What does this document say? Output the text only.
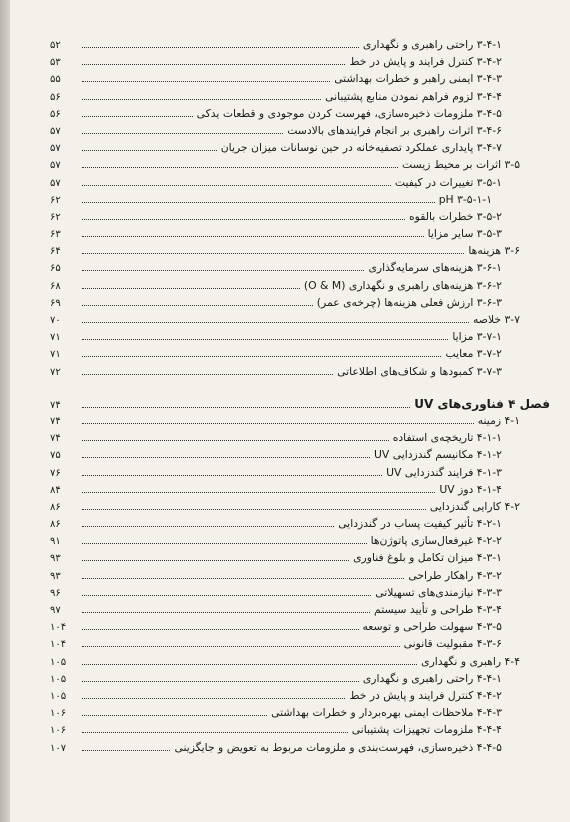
۵۲	۳-۴-۱ راحتی راهبری و نگهداری
۵۳	۳-۴-۲ کنترل فرایند و پایش در خط
۵۵	۳-۴-۳ ایمنی راهبر و خطرات بهداشتی
۵۶	۳-۴-۴ لزوم فراهم نمودن منابع پشتیبانی
۵۶	۳-۴-۵ ملزومات ذخیره‌سازی، فهرست کردن موجودی و قطعات یدکی
۵۷	۳-۴-۶ اثرات راهبری بر انجام فرایندهای بالادست
۵۷	۳-۴-۷ پایداری عملکرد تصفیه‌خانه در حین نوسانات میزان جریان
۵۷	۳-۵ اثرات بر محیط زیست
۵۷	۳-۵-۱ تغییرات در کیفیت
۶۲	۳-۵-۱-۱ pH
۶۲	۳-۵-۲ خطرات بالقوه
۶۳	۳-۵-۳ سایر مزایا
۶۴	۳-۶ هزینه‌ها
۶۵	۳-۶-۱ هزینه‌های سرمایه‌گذاری
۶۸	۳-۶-۲ هزینه‌های راهبری و نگهداری (O & M)
۶۹	۳-۶-۳ ارزش فعلی هزینه‌ها (چرخه‌ی عمر)
۷۰	۳-۷ خلاصه
۷۱	۳-۷-۱ مزایا
۷۱	۳-۷-۲ معایب
۷۲	۳-۷-۳ کمبودها و شکاف‌های اطلاعاتی
۷۴	فصل ۴ فناوری‌های UV
۷۴	۴-۱ زمینه
۷۴	۴-۱-۱ تاریخچه‌ی استفاده
۷۵	۴-۱-۲ مکانیسم گندزدایی UV
۷۶	۴-۱-۳ فرایند گندزدایی UV
۸۴	۴-۱-۴ دوز UV
۸۶	۴-۲ کارایی گندزدایی
۸۶	۴-۲-۱ تأثیر کیفیت پساب در گندزدایی
۹۱	۴-۲-۲ غیرفعال‌سازی پاتوژن‌ها
۹۳	۴-۳-۱ میزان تکامل و بلوغ فناوری
۹۳	۴-۳-۲ راهکار طراحی
۹۶	۴-۳-۳ نیازمندی‌های تسهیلاتی
۹۷	۴-۳-۴ طراحی و تأیید سیستم
۱۰۴	۴-۳-۵ سهولت طراحی و توسعه
۱۰۴	۴-۳-۶ مقبولیت قانونی
۱۰۵	۴-۴ راهبری و نگهداری
۱۰۵	۴-۴-۱ راحتی راهبری و نگهداری
۱۰۵	۴-۴-۲ کنترل فرایند و پایش در خط
۱۰۶	۴-۴-۳ ملاحظات ایمنی بهره‌بردار و خطرات بهداشتی
۱۰۶	۴-۴-۴ ملزومات تجهیزات پشتیبانی
۱۰۷	۴-۴-۵ ذخیره‌سازی، فهرست‌بندی و ملزومات مربوط به تعویض و جایگزینی
